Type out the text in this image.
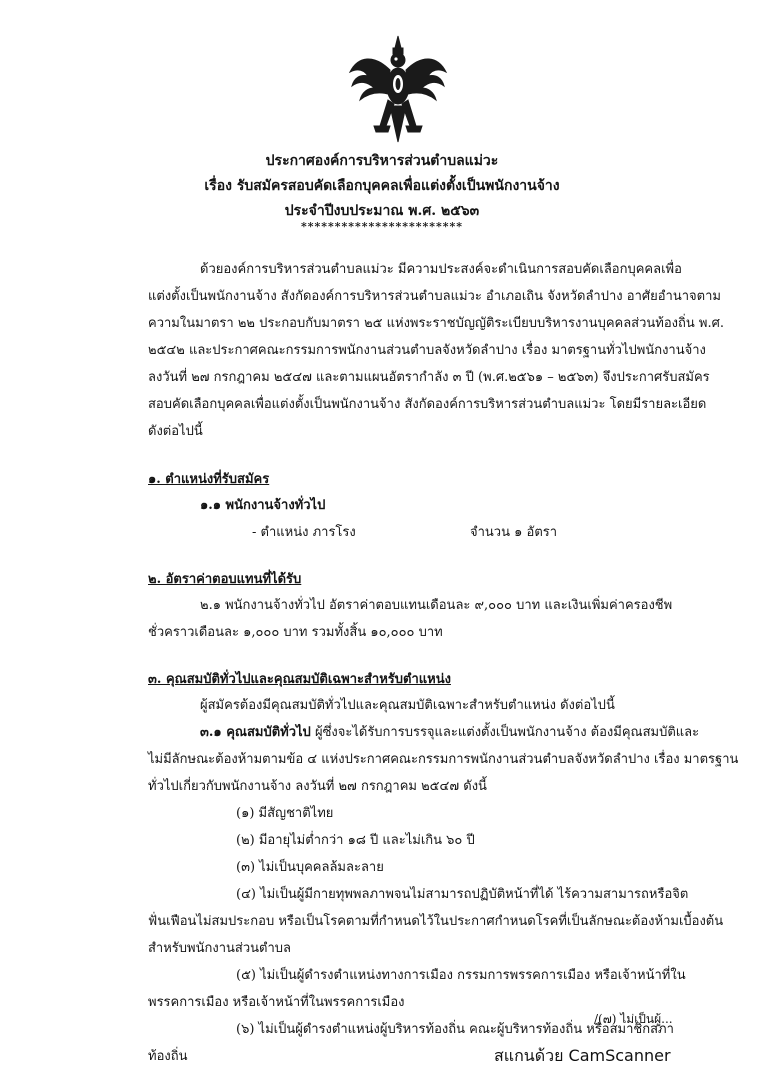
ประกาศองค์การบริหารส่วนตำบลแม่วะ
เรื่อง รับสมัครสอบคัดเลือกบุคคลเพื่อแต่งตั้งเป็นพนักงานจ้าง
ประจำปีงบประมาณ พ.ศ. ๒๕๖๓
************************
ด้วยองค์การบริหารส่วนตำบลแม่วะ มีความประสงค์จะดำเนินการสอบคัดเลือกบุคคลเพื่อ
แต่งตั้งเป็นพนักงานจ้าง สังกัดองค์การบริหารส่วนตำบลแม่วะ อำเภอเถิน จังหวัดลำปาง อาศัยอำนาจตาม
ความในมาตรา ๒๒ ประกอบกับมาตรา ๒๕ แห่งพระราชบัญญัติระเบียบบริหารงานบุคคลส่วนท้องถิ่น พ.ศ.
๒๕๔๒ และประกาศคณะกรรมการพนักงานส่วนตำบลจังหวัดลำปาง เรื่อง มาตรฐานทั่วไปพนักงานจ้าง
ลงวันที่ ๒๗ กรกฎาคม ๒๕๔๗ และตามแผนอัตรากำลัง ๓ ปี (พ.ศ.๒๕๖๑ – ๒๕๖๓) จึงประกาศรับสมัคร
สอบคัดเลือกบุคคลเพื่อแต่งตั้งเป็นพนักงานจ้าง สังกัดองค์การบริหารส่วนตำบลแม่วะ โดยมีรายละเอียด
ดังต่อไปนี้
๑. ตำแหน่งที่รับสมัคร
๑.๑ พนักงานจ้างทั่วไป
- ตำแหน่ง ภารโรง	จำนวน ๑ อัตรา
๒. อัตราค่าตอบแทนที่ได้รับ
๒.๑ พนักงานจ้างทั่วไป อัตราค่าตอบแทนเดือนละ ๙,๐๐๐ บาท และเงินเพิ่มค่าครองชีพ
ชั่วคราวเดือนละ ๑,๐๐๐ บาท รวมทั้งสิ้น ๑๐,๐๐๐ บาท
๓. คุณสมบัติทั่วไปและคุณสมบัติเฉพาะสำหรับตำแหน่ง
ผู้สมัครต้องมีคุณสมบัติทั่วไปและคุณสมบัติเฉพาะสำหรับตำแหน่ง ดังต่อไปนี้
๓.๑ คุณสมบัติทั่วไป ผู้ซึ่งจะได้รับการบรรจุและแต่งตั้งเป็นพนักงานจ้าง ต้องมีคุณสมบัติและ
ไม่มีลักษณะต้องห้ามตามข้อ ๔ แห่งประกาศคณะกรรมการพนักงานส่วนตำบลจังหวัดลำปาง เรื่อง มาตรฐาน
ทั่วไปเกี่ยวกับพนักงานจ้าง ลงวันที่ ๒๗ กรกฎาคม ๒๕๔๗ ดังนี้
(๑) มีสัญชาติไทย
(๒) มีอายุไม่ต่ำกว่า ๑๘ ปี และไม่เกิน ๖๐ ปี
(๓) ไม่เป็นบุคคลล้มละลาย
(๔) ไม่เป็นผู้มีกายทุพพลภาพจนไม่สามารถปฏิบัติหน้าที่ได้ ไร้ความสามารถหรือจิต
ฟั่นเฟือนไม่สมประกอบ หรือเป็นโรคตามที่กำหนดไว้ในประกาศกำหนดโรคที่เป็นลักษณะต้องห้ามเบื้องต้น
สำหรับพนักงานส่วนตำบล
(๕) ไม่เป็นผู้ดำรงตำแหน่งทางการเมือง กรรมการพรรคการเมือง หรือเจ้าหน้าที่ใน
พรรคการเมือง หรือเจ้าหน้าที่ในพรรคการเมือง
(๖) ไม่เป็นผู้ดำรงตำแหน่งผู้บริหารท้องถิ่น คณะผู้บริหารท้องถิ่น หรือสมาชิกสภา
ท้องถิ่น
/(๗) ไม่เป็นผู้...
สแกนด้วย CamScanner
